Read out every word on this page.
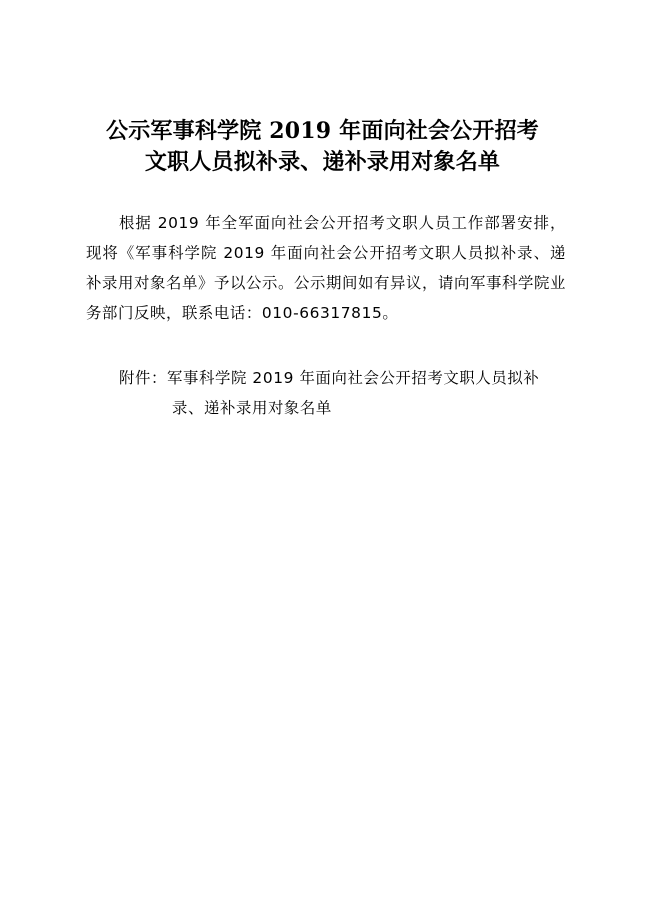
公示军事科学院 2019 年面向社会公开招考
文职人员拟补录、递补录用对象名单
根据 2019 年全军面向社会公开招考文职人员工作部署安排，现将《军事科学院 2019 年面向社会公开招考文职人员拟补录、递补录用对象名单》予以公示。公示期间如有异议，请向军事科学院业务部门反映，联系电话：010-66317815。
附件：军事科学院 2019 年面向社会公开招考文职人员拟补录、递补录用对象名单
